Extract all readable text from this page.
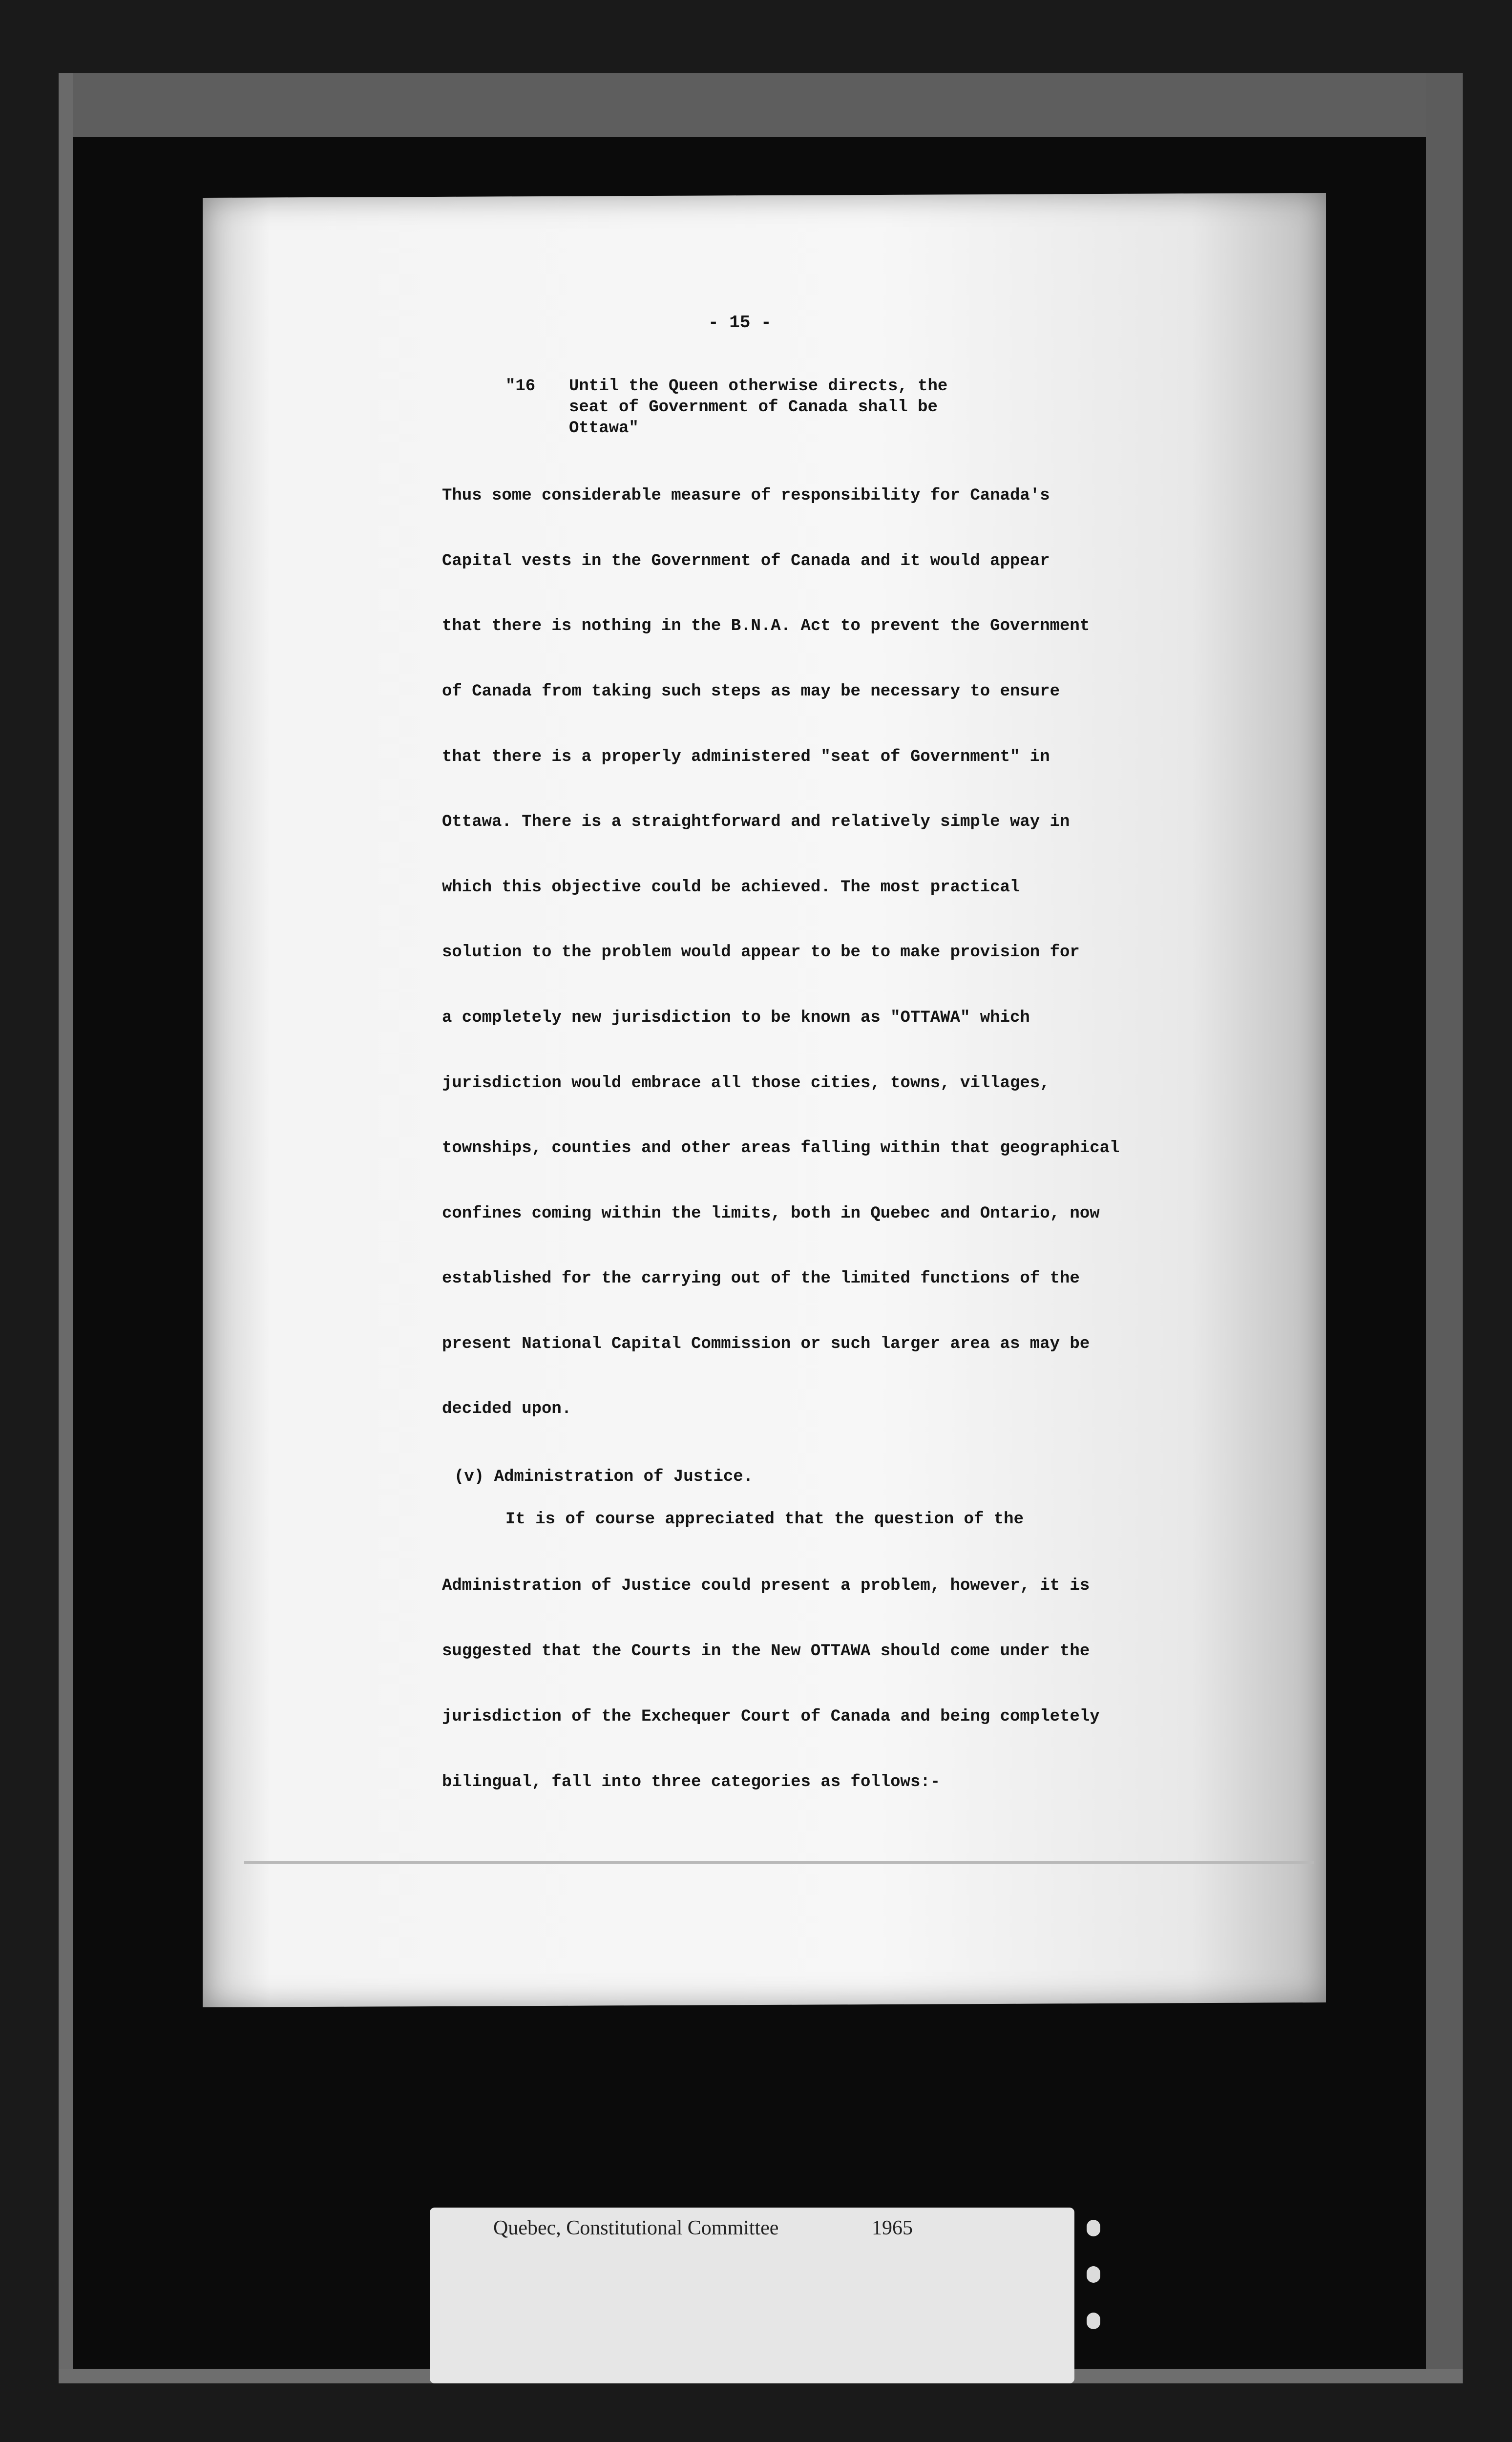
- 15 -
"16 Until the Queen otherwise directs, the
seat of Government of Canada shall be
Ottawa"
Thus some considerable measure of responsibility for Canada's
Capital vests in the Government of Canada and it would appear
that there is nothing in the B.N.A. Act to prevent the Government
of Canada from taking such steps as may be necessary to ensure
that there is a properly administered "seat of Government" in
Ottawa. There is a straightforward and relatively simple way in
which this objective could be achieved. The most practical
solution to the problem would appear to be to make provision for
a completely new jurisdiction to be known as "OTTAWA" which
jurisdiction would embrace all those cities, towns, villages,
townships, counties and other areas falling within that geographical
confines coming within the limits, both in Quebec and Ontario, now
established for the carrying out of the limited functions of the
present National Capital Commission or such larger area as may be
decided upon.
(v) Administration of Justice.
It is of course appreciated that the question of the
Administration of Justice could present a problem, however, it is
suggested that the Courts in the New OTTAWA should come under the
jurisdiction of the Exchequer Court of Canada and being completely
bilingual, fall into three categories as follows:-
Quebec, Constitutional Committee	1965
